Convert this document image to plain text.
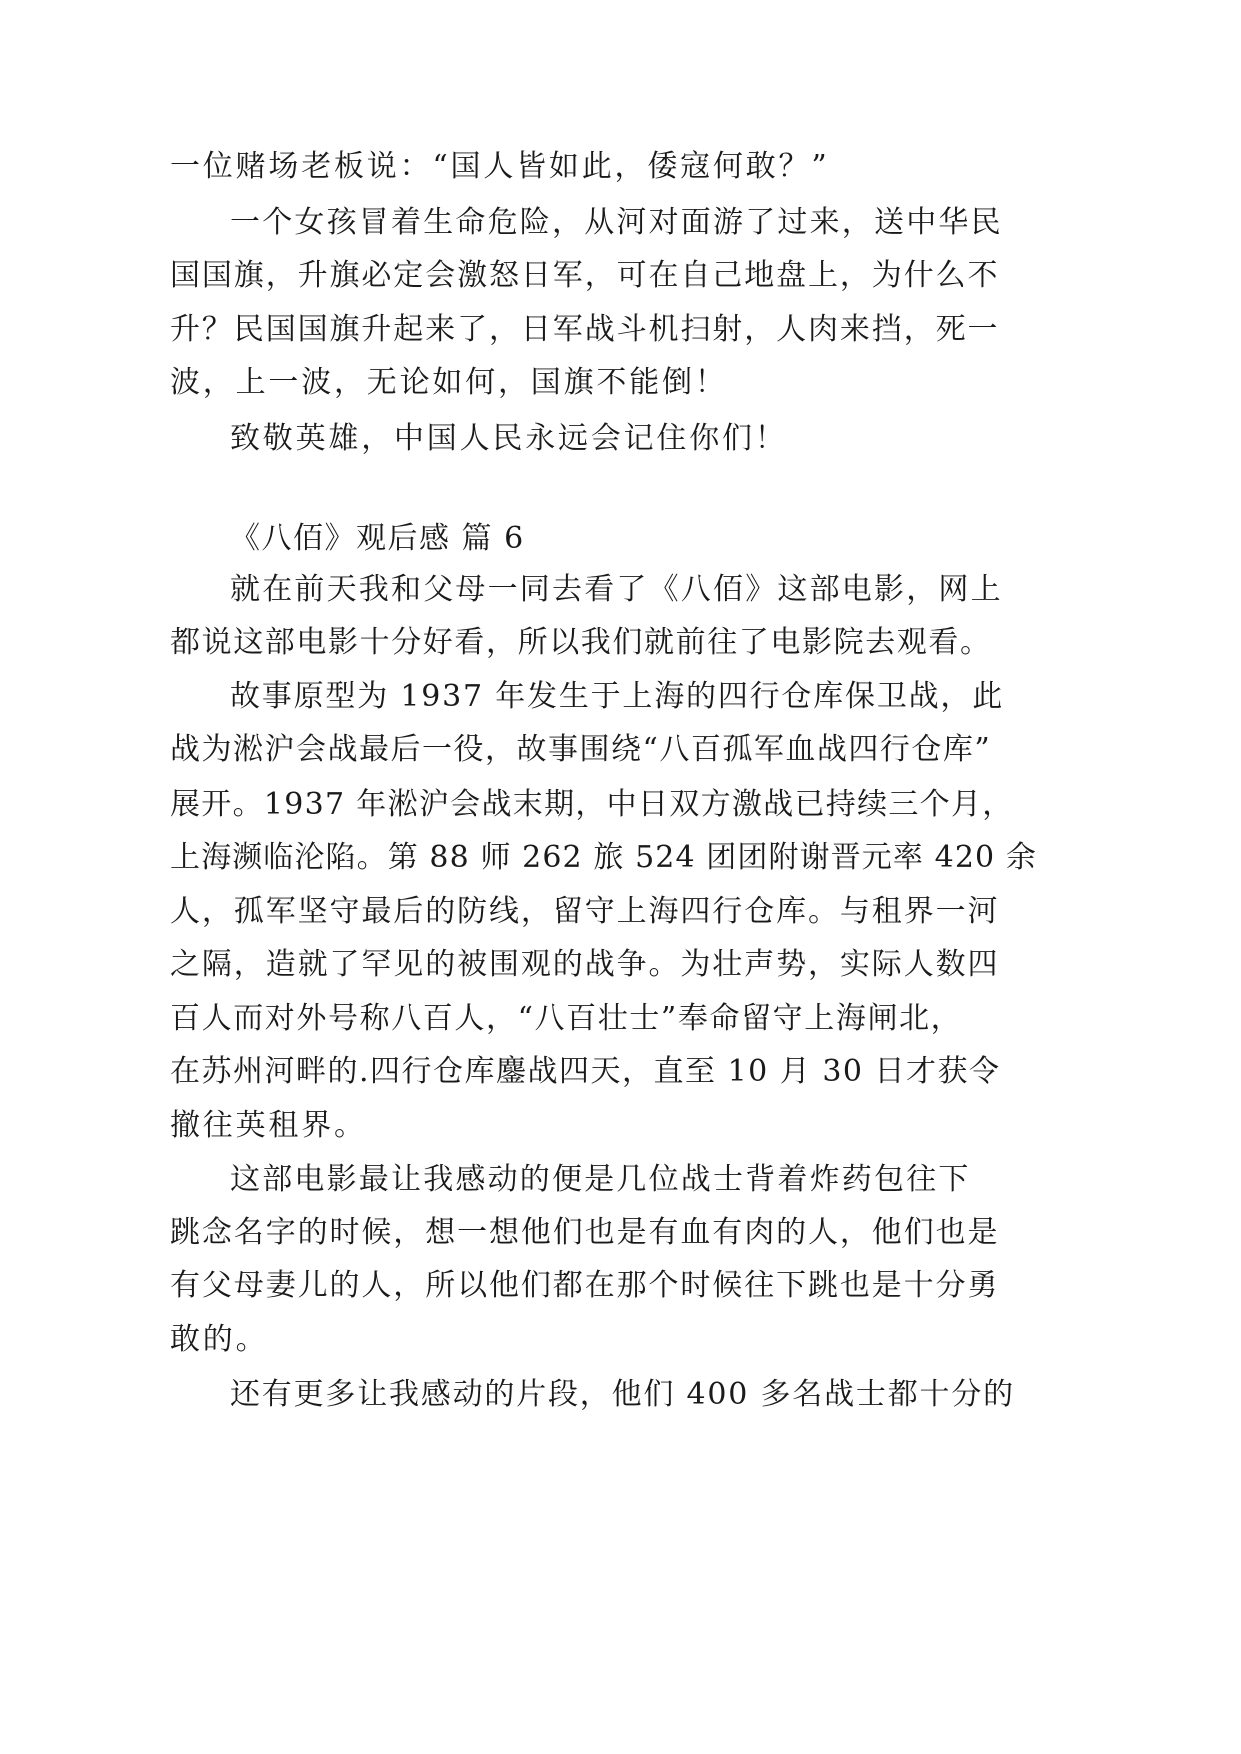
一位赌场老板说：“国人皆如此，倭寇何敢？”
一个女孩冒着生命危险，从河对面游了过来，送中华民
国国旗，升旗必定会激怒日军，可在自己地盘上，为什么不
升？民国国旗升起来了，日军战斗机扫射，人肉来挡，死一
波，上一波，无论如何，国旗不能倒！
致敬英雄，中国人民永远会记住你们！
《八佰》观后感 篇 6
就在前天我和父母一同去看了《八佰》这部电影，网上
都说这部电影十分好看，所以我们就前往了电影院去观看。
故事原型为 1937 年发生于上海的四行仓库保卫战，此
战为淞沪会战最后一役，故事围绕“八百孤军血战四行仓库”
展开。1937 年淞沪会战末期，中日双方激战已持续三个月，
上海濒临沦陷。第 88 师 262 旅 524 团团附谢晋元率 420 余
人，孤军坚守最后的防线，留守上海四行仓库。与租界一河
之隔，造就了罕见的被围观的战争。为壮声势，实际人数四
百人而对外号称八百人，“八百壮士”奉命留守上海闸北，
在苏州河畔的.四行仓库鏖战四天，直至 10 月 30 日才获令
撤往英租界。
这部电影最让我感动的便是几位战士背着炸药包往下
跳念名字的时候，想一想他们也是有血有肉的人，他们也是
有父母妻儿的人，所以他们都在那个时候往下跳也是十分勇
敢的。
还有更多让我感动的片段，他们 400 多名战士都十分的
